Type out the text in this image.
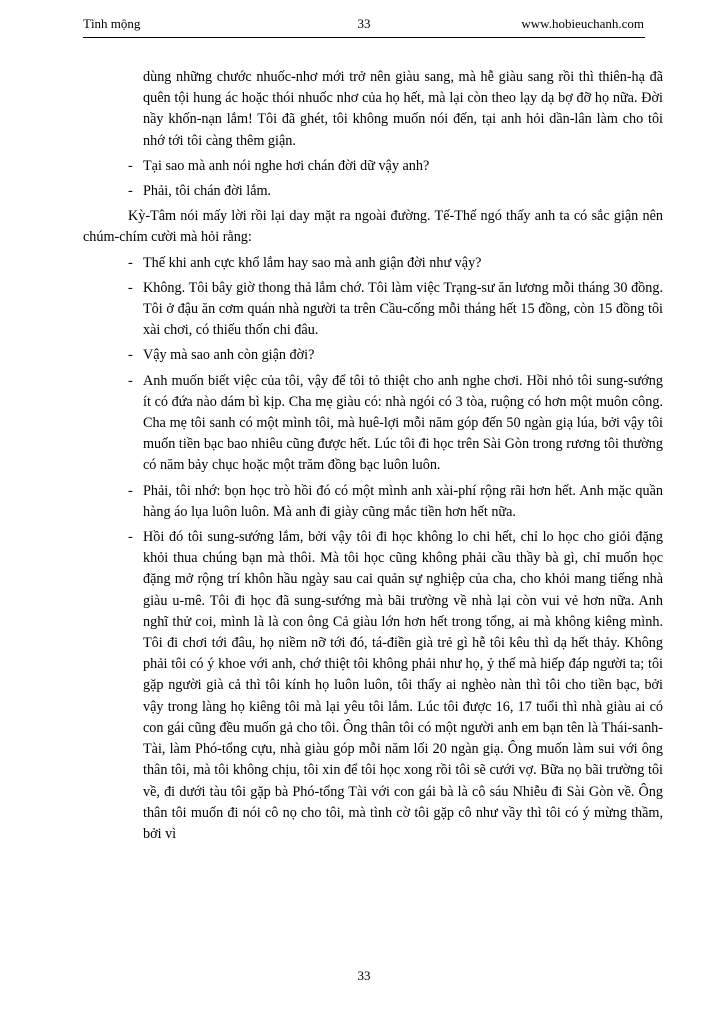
Tình mộng	33	www.hobieuchanh.com

dùng những chước nhuốc-nhơ mới trở nên giàu sang, mà hễ giàu sang rồi thì thiên-hạ đã quên tội hung ác hoặc thói nhuốc nhơ của họ hết, mà lại còn theo lạy dạ bợ đỡ họ nữa. Đời nầy khốn-nạn lắm! Tôi đã ghét, tôi không muốn nói đến, tại anh hỏi dần-lân làm cho tôi nhớ tới tôi càng thêm giận.

- Tại sao mà anh nói nghe hơi chán đời dữ vậy anh?

- Phải, tôi chán đời lắm.

Kỳ-Tâm nói mấy lời rồi lại day mặt ra ngoài đường. Tế-Thế ngó thấy anh ta có sắc giận nên chúm-chím cười mà hỏi rằng:

- Thế khi anh cực khổ lắm hay sao mà anh giận đời như vậy?

- Không. Tôi bây giờ thong thả lắm chớ. Tôi làm việc Trạng-sư ăn lương mỗi tháng 30 đồng. Tôi ở đậu ăn cơm quán nhà người ta trên Cầu-cống mỗi tháng hết 15 đồng, còn 15 đồng tôi xài chơi, có thiếu thốn chi đâu.

- Vậy mà sao anh còn giận đời?

- Anh muốn biết việc của tôi, vậy để tôi tỏ thiệt cho anh nghe chơi. Hồi nhỏ tôi sung-sướng ít có đứa nào dám bì kịp. Cha mẹ giàu có: nhà ngói có 3 tòa, ruộng có hơn một muôn công. Cha mẹ tôi sanh có một mình tôi, mà huê-lợi mỗi năm góp đến 50 ngàn giạ lúa, bởi vậy tôi muốn tiền bạc bao nhiêu cũng được hết. Lúc tôi đi học trên Sài Gòn trong rương tôi thường có năm bảy chục hoặc một trăm đồng bạc luôn luôn.

- Phải, tôi nhớ: bọn học trò hồi đó có một mình anh xài-phí rộng rãi hơn hết. Anh mặc quần hàng áo lụa luôn luôn. Mà anh đi giày cũng mắc tiền hơn hết nữa.

- Hồi đó tôi sung-sướng lắm, bởi vậy tôi đi học không lo chi hết, chỉ lo học cho giỏi đặng khỏi thua chúng bạn mà thôi. Mà tôi học cũng không phải cầu thầy bà gì, chỉ muốn học đặng mở rộng trí khôn hầu ngày sau cai quản sự nghiệp của cha, cho khỏi mang tiếng nhà giàu u-mê. Tôi đi học đã sung-sướng mà bãi trường về nhà lại còn vui vẻ hơn nữa. Anh nghĩ thử coi, mình là là con ông Cả giàu lớn hơn hết trong tổng, ai mà không kiêng mình. Tôi đi chơi tới đâu, họ niềm nỡ tới đó, tá-điền già trẻ gì hễ tôi kêu thì dạ hết thảy. Không phải tôi có ý khoe với anh, chớ thiệt tôi không phải như họ, ỷ thế mà hiếp đáp người ta; tôi gặp người già cả thì tôi kính họ luôn luôn, tôi thấy ai nghèo nàn thì tôi cho tiền bạc, bởi vậy trong làng họ kiêng tôi mà lại yêu tôi lắm. Lúc tôi được 16, 17 tuổi thì nhà giàu ai có con gái cũng đều muốn gả cho tôi. Ông thân tôi có một người anh em bạn tên là Thái-sanh-Tài, làm Phó-tổng cựu, nhà giàu góp mỗi năm lối 20 ngàn giạ. Ông muốn làm sui với ông thân tôi, mà tôi không chịu, tôi xin để tôi học xong rồi tôi sẽ cưới vợ. Bữa nọ bãi trường tôi về, đi dưới tàu tôi gặp bà Phó-tổng Tài với con gái bà là cô sáu Nhiễu đi Sài Gòn về. Ông thân tôi muốn đi nói cô nọ cho tôi, mà tình cờ tôi gặp cô như vầy thì tôi có ý mừng thầm, bởi vì

33
